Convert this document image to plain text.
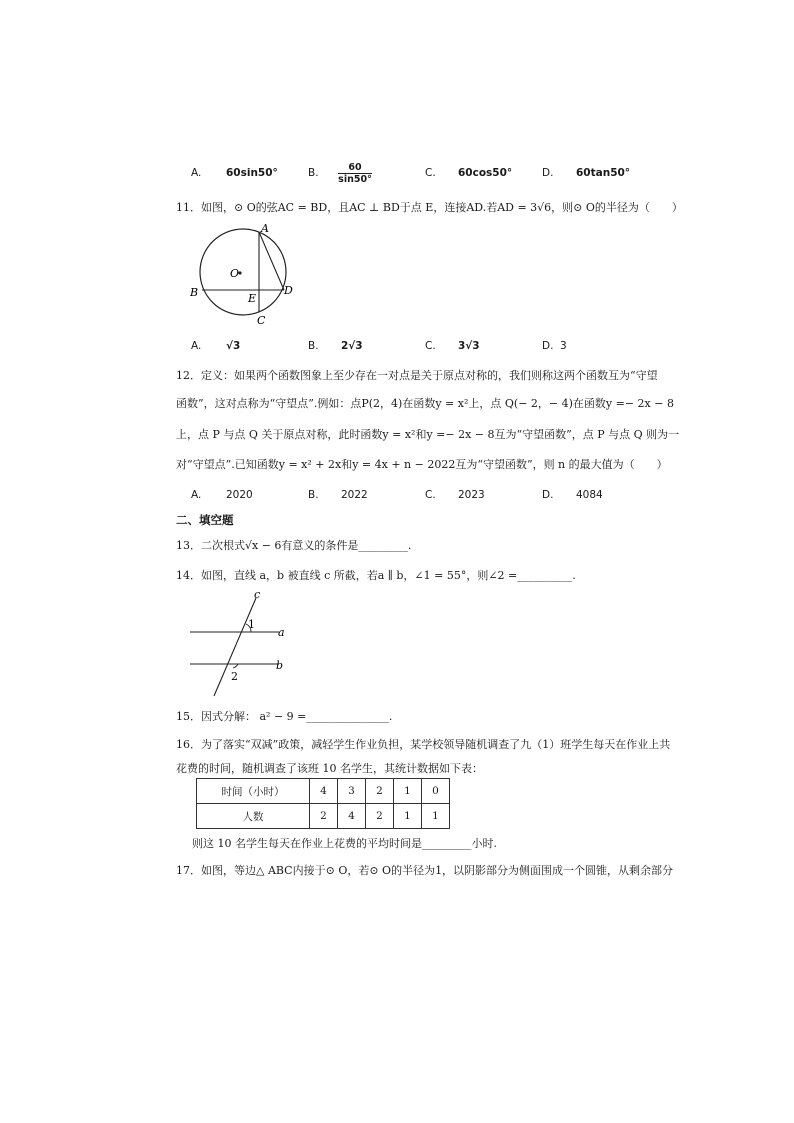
A. 60sin50°	B. $\frac{60}{\sin 50^\circ}$	C. 60cos50°	D. 60tan50°
11．如图，⊙ O的弦AC = BD，且AC ⊥ BD于点 E，连接AD.若AD = 3√6，则⊙ O的半径为（　　）
O
A
B	D
E
C
A. √3	B. 2√3	C. 3√3	D. 3
12．定义：如果两个函数图象上至少存在一对点是关于原点对称的，我们则称这两个函数互为“守望
函数”，这对点称为“守望点”.例如：点P(2，4)在函数y = x²上，点 Q(− 2，− 4)在函数y =− 2x − 8
上，点 P 与点 Q 关于原点对称，此时函数y = x²和y =− 2x − 8互为“守望函数”，点 P 与点 Q 则为一
对“守望点”.已知函数y = x² + 2x和y = 4x + n − 2022互为“守望函数”，则 n 的最大值为（　　）
A. 2020	B. 2022	C. 2023	D. 4084
二、填空题
13．二次根式√x − 6有意义的条件是_________.
14．如图，直线 a，b 被直线 c 所截，若a ∥ b，∠1 = 55°，则∠2 =__________.
c
1
a
b
2
15．因式分解： a² − 9 =_______________.
16．为了落实“双减”政策，减轻学生作业负担，某学校领导随机调查了九（1）班学生每天在作业上共
花费的时间，随机调查了该班 10 名学生，其统计数据如下表：
时间（小时）	4	3	2	1	0
人数	2	4	2	1	1
则这 10 名学生每天在作业上花费的平均时间是_________小时.
17．如图，等边△ ABC内接于⊙ O，若⊙ O的半径为1，以阴影部分为侧面围成一个圆锥，从剩余部分
